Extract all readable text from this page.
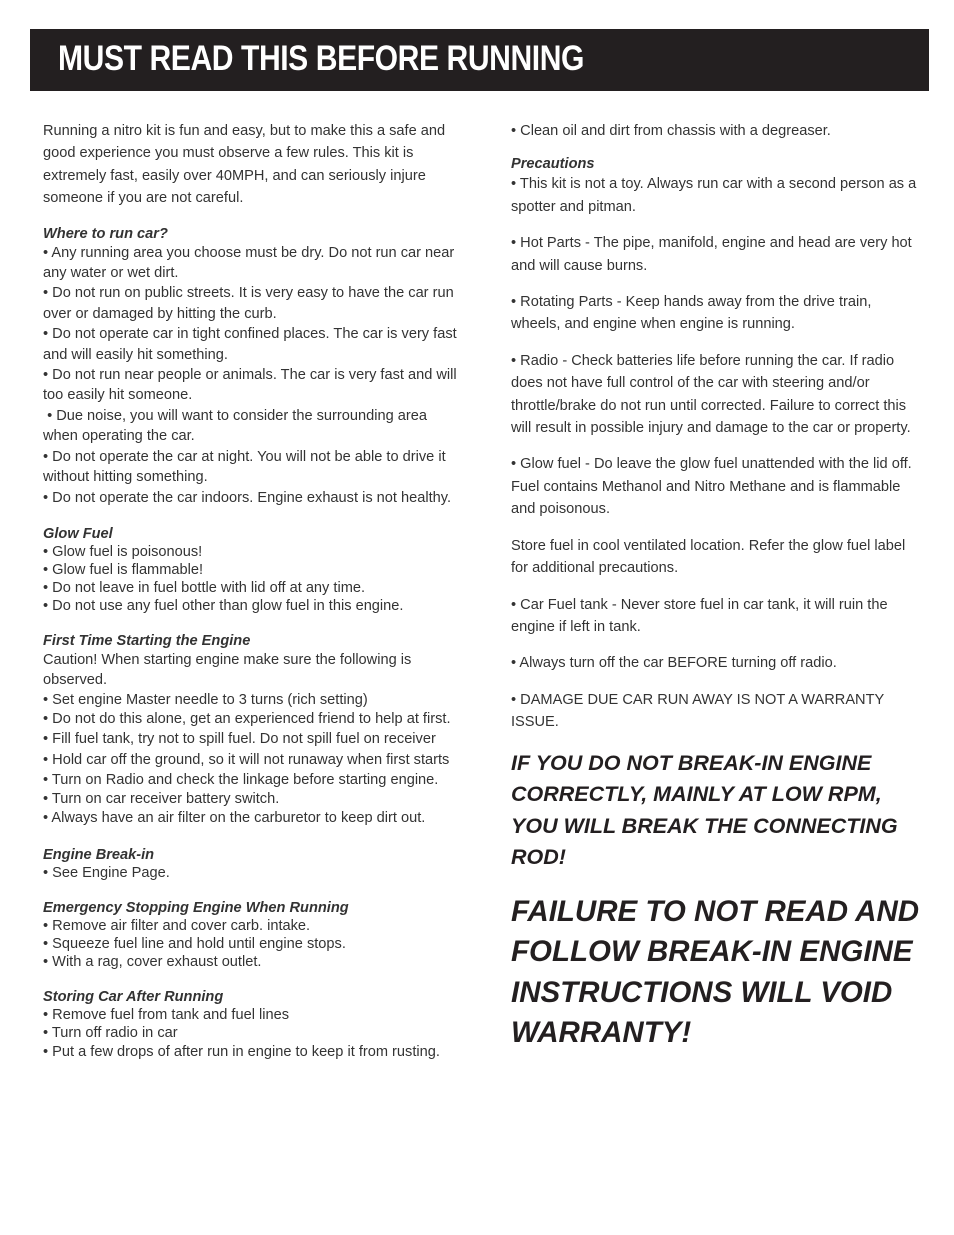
MUST READ THIS BEFORE RUNNING

Running a nitro kit is fun and easy, but to make this a safe and good experience you must observe a few rules. This kit is extremely fast, easily over 40MPH, and can seriously injure someone if you are not careful.

Where to run car?

• Any running area you choose must be dry. Do not run car near any water or wet dirt.
• Do not run on public streets. It is very easy to have the car run over or damaged by hitting the curb.
• Do not operate car in tight confined places. The car is very fast and will easily hit something.
• Do not run near people or animals. The car is very fast and will too easily hit someone.
• Due noise, you will want to consider the surrounding area when operating the car.
• Do not operate the car at night. You will not be able to drive it without hitting something.
• Do not operate the car indoors. Engine exhaust is not healthy.

Glow Fuel

• Glow fuel is poisonous!
• Glow fuel is flammable!
• Do not leave in fuel bottle with lid off at any time.
• Do not use any fuel other than glow fuel in this engine.

First Time Starting the Engine

Caution! When starting engine make sure the following is observed.
• Set engine Master needle to 3 turns (rich setting)
• Do not do this alone, get an experienced friend to help at first.
• Fill fuel tank, try not to spill fuel. Do not spill fuel on receiver
• Hold car off the ground, so it will not runaway when first starts
• Turn on Radio and check the linkage before starting engine.
• Turn on car receiver battery switch.
• Always have an air filter on the carburetor to keep dirt out.

Engine Break-in

• See Engine Page.

Emergency Stopping Engine When Running

• Remove air filter and cover carb. intake.
• Squeeze fuel line and hold until engine stops.
• With a rag, cover exhaust outlet.

Storing Car After Running

• Remove fuel from tank and fuel lines
• Turn off radio in car
• Put a few drops of after run in engine to keep it from rusting.

• Clean oil and dirt from chassis with a degreaser.

Precautions

• This kit is not a toy. Always run car with a second person as a spotter and pitman.

• Hot Parts - The pipe, manifold, engine and head are very hot and will cause burns.

• Rotating Parts - Keep hands away from the drive train, wheels, and engine when engine is running.

• Radio - Check batteries life before running the car. If radio does not have full control of the car with steering and/or throttle/brake do not run until corrected. Failure to correct this will result in possible injury and damage to the car or property.

• Glow fuel - Do leave the glow fuel unattended with the lid off. Fuel contains Methanol and Nitro Methane and is flammable and poisonous.

Store fuel in cool ventilated location. Refer the glow fuel label for additional precautions.

• Car Fuel tank - Never store fuel in car tank, it will ruin the engine if left in tank.

• Always turn off the car BEFORE turning off radio.

• DAMAGE DUE CAR RUN AWAY IS NOT A WARRANTY ISSUE.

IF YOU DO NOT BREAK-IN ENGINE CORRECTLY, MAINLY AT LOW RPM, YOU WILL BREAK THE CONNECTING ROD!

FAILURE TO NOT READ AND FOLLOW BREAK-IN ENGINE INSTRUCTIONS WILL VOID WARRANTY!
